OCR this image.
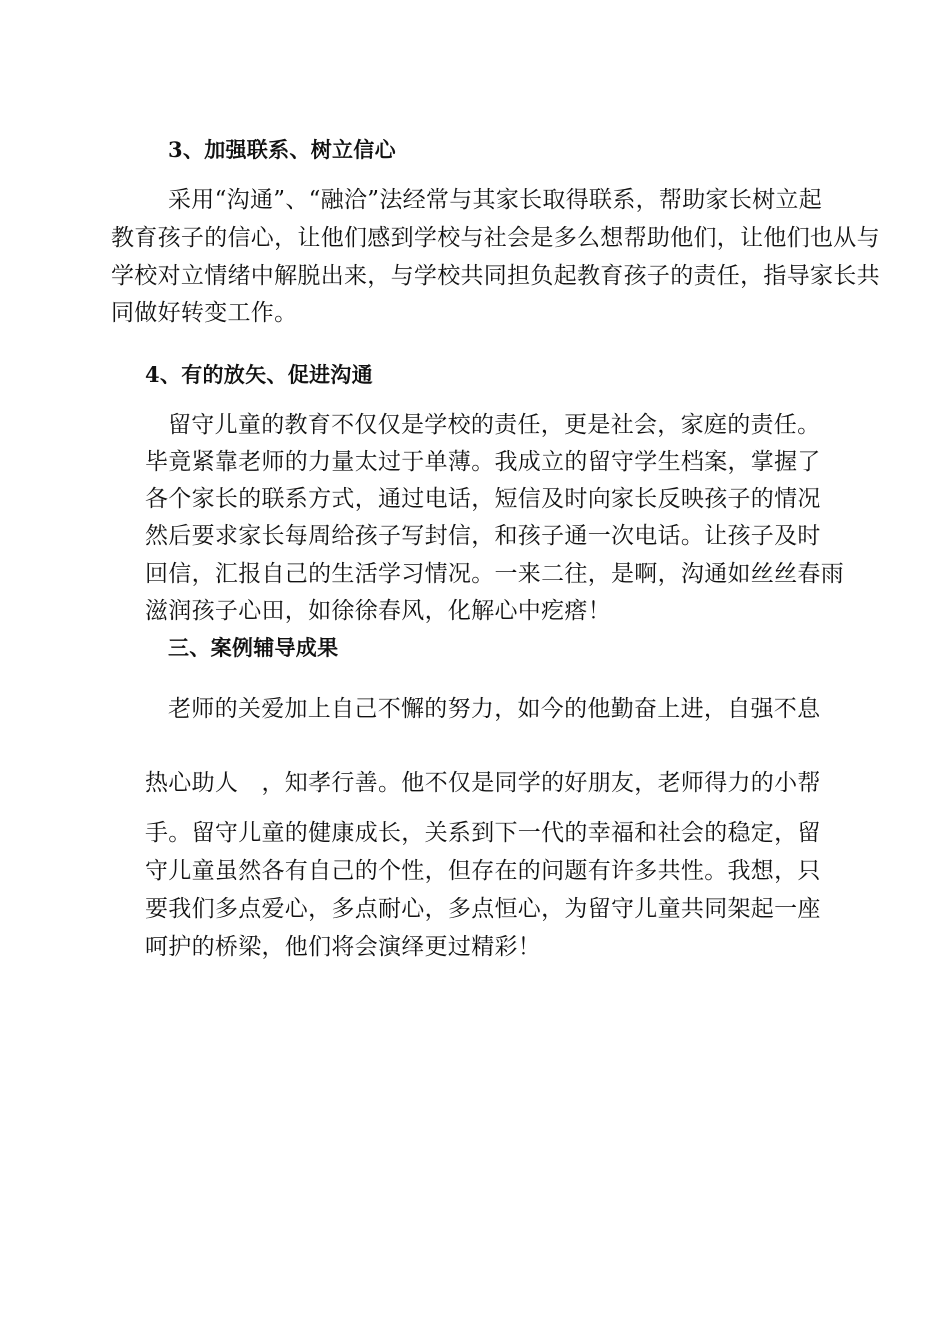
3、加强联系、树立信心
采用“沟通”、“融洽”法经常与其家长取得联系，帮助家长树立起
教育孩子的信心，让他们感到学校与社会是多么想帮助他们，让他们也从与
学校对立情绪中解脱出来，与学校共同担负起教育孩子的责任，指导家长共
同做好转变工作。
4、有的放矢、促进沟通
留守儿童的教育不仅仅是学校的责任，更是社会，家庭的责任。
毕竟紧靠老师的力量太过于单薄。我成立的留守学生档案，掌握了
各个家长的联系方式，通过电话，短信及时向家长反映孩子的情况
然后要求家长每周给孩子写封信，和孩子通一次电话。让孩子及时
回信，汇报自己的生活学习情况。一来二往，是啊，沟通如丝丝春雨
滋润孩子心田，如徐徐春风，化解心中疙瘩！
三、案例辅导成果
老师的关爱加上自己不懈的努力，如今的他勤奋上进，自强不息
热心助人　，知孝行善。他不仅是同学的好朋友，老师得力的小帮
手。留守儿童的健康成长，关系到下一代的幸福和社会的稳定，留
守儿童虽然各有自己的个性，但存在的问题有许多共性。我想，只
要我们多点爱心，多点耐心，多点恒心，为留守儿童共同架起一座
呵护的桥梁，他们将会演绎更过精彩！
